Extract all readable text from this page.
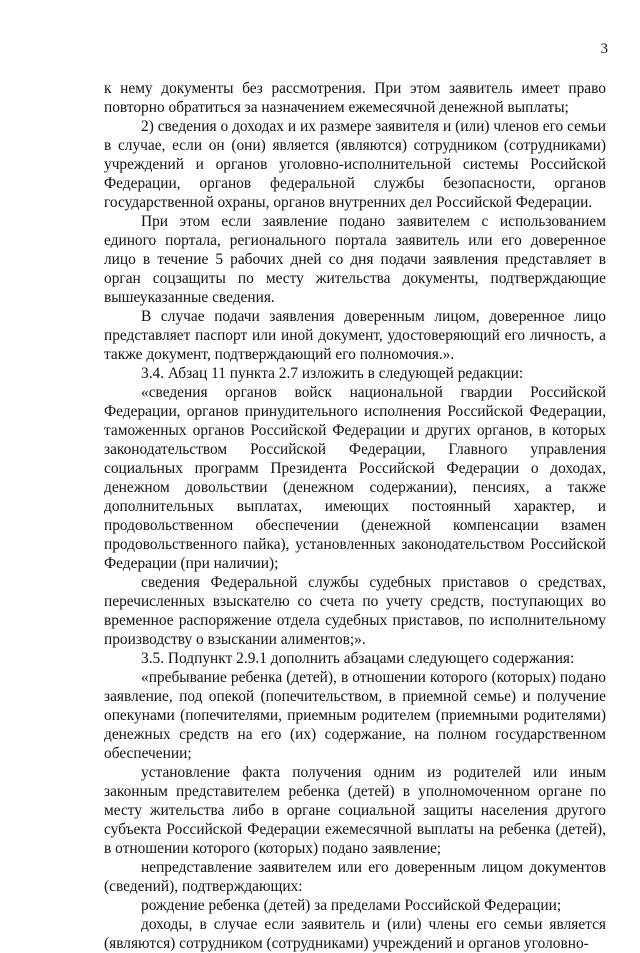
3

к нему документы без рассмотрения. При этом заявитель имеет право повторно обратиться за назначением ежемесячной денежной выплаты;

2) сведения о доходах и их размере заявителя и (или) членов его семьи в случае, если он (они) является (являются) сотрудником (сотрудниками) учреждений и органов уголовно-исполнительной системы Российской Федерации, органов федеральной службы безопасности, органов государственной охраны, органов внутренних дел Российской Федерации.

При этом если заявление подано заявителем с использованием единого портала, регионального портала заявитель или его доверенное лицо в течение 5 рабочих дней со дня подачи заявления представляет в орган соцзащиты по месту жительства документы, подтверждающие вышеуказанные сведения.

В случае подачи заявления доверенным лицом, доверенное лицо представляет паспорт или иной документ, удостоверяющий его личность, а также документ, подтверждающий его полномочия.».

3.4. Абзац 11 пункта 2.7 изложить в следующей редакции:

«сведения органов войск национальной гвардии Российской Федерации, органов принудительного исполнения Российской Федерации, таможенных органов Российской Федерации и других органов, в которых законодательством Российской Федерации, Главного управления социальных программ Президента Российской Федерации о доходах, денежном довольствии (денежном содержании), пенсиях, а также дополнительных выплатах, имеющих постоянный характер, и продовольственном обеспечении (денежной компенсации взамен продовольственного пайка), установленных законодательством Российской Федерации (при наличии);

сведения Федеральной службы судебных приставов о средствах, перечисленных взыскателю со счета по учету средств, поступающих во временное распоряжение отдела судебных приставов, по исполнительному производству о взыскании алиментов;».

3.5. Подпункт 2.9.1 дополнить абзацами следующего содержания:

«пребывание ребенка (детей), в отношении которого (которых) подано заявление, под опекой (попечительством, в приемной семье) и получение опекунами (попечителями, приемным родителем (приемными родителями) денежных средств на его (их) содержание, на полном государственном обеспечении;

установление факта получения одним из родителей или иным законным представителем ребенка (детей) в уполномоченном органе по месту жительства либо в органе социальной защиты населения другого субъекта Российской Федерации ежемесячной выплаты на ребенка (детей), в отношении которого (которых) подано заявление;

непредставление заявителем или его доверенным лицом документов (сведений), подтверждающих:

рождение ребенка (детей) за пределами Российской Федерации;

доходы, в случае если заявитель и (или) члены его семьи является (являются) сотрудником (сотрудниками) учреждений и органов уголовно-
